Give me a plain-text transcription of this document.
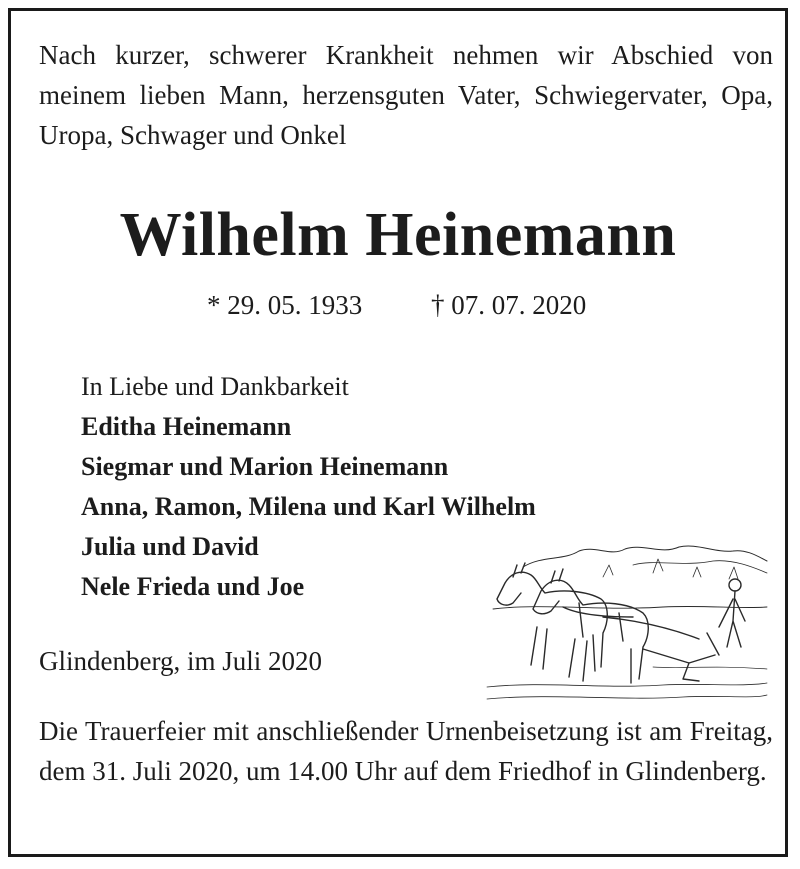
Nach kurzer, schwerer Krankheit nehmen wir Abschied von meinem lieben Mann, herzensguten Vater, Schwiegervater, Opa, Uropa, Schwager und Onkel
Wilhelm Heinemann
* 29. 05. 1933	† 07. 07. 2020
In Liebe und Dankbarkeit
Editha Heinemann
Siegmar und Marion Heinemann
Anna, Ramon, Milena und Karl Wilhelm
Julia und David
Nele Frieda und Joe
Glindenberg, im Juli 2020
Die Trauerfeier mit anschließender Urnenbeisetzung ist am Freitag, dem 31. Juli 2020, um 14.00 Uhr auf dem Friedhof in Glindenberg.
